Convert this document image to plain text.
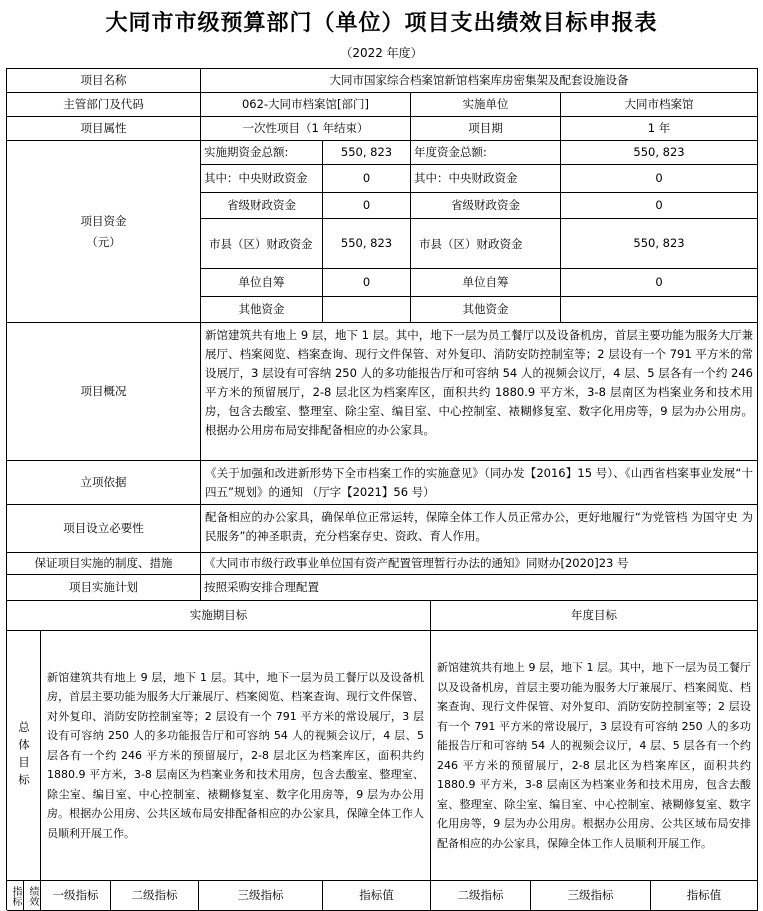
大同市市级预算部门（单位）项目支出绩效目标申报表
（2022 年度）
项目名称	大同市国家综合档案馆新馆档案库房密集架及配套设施设备
主管部门及代码	062-大同市档案馆[部门]	实施单位	大同市档案馆
项目属性	一次性项目（1 年结束）	项目期	1 年
项目资金
（元）
实施期资金总额:	550, 823	年度资金总额:	550, 823
其中：中央财政资金	0	其中：中央财政资金	0
省级财政资金	0	省级财政资金	0
市县（区）财政资金	550, 823	市县（区）财政资金	550, 823
单位自筹	0	单位自筹	0
其他资金	其他资金
项目概况
新馆建筑共有地上 9 层，地下 1 层。其中，地下一层为员工餐厅以及设备机房，首层主要功能为服务大厅兼展厅、档案阅览、档案查询、现行文件保管、对外复印、消防安防控制室等；2 层设有一个 791 平方米的常设展厅，3 层设有可容纳 250 人的多功能报告厅和可容纳 54 人的视频会议厅，4 层、5 层各有一个约 246 平方米的预留展厅，2-8 层北区为档案库区，面积共约 1880.9 平方米，3-8 层南区为档案业务和技术用房，包含去酸室、整理室、除尘室、编目室、中心控制室、裱糊修复室、数字化用房等，9 层为办公用房。根据办公用房布局安排配备相应的办公家具。
立项依据
《关于加强和改进新形势下全市档案工作的实施意见》（同办发【2016】15 号）、《山西省档案事业发展“十四五”规划》的通知 （厅字【2021】56 号）
项目设立必要性
配备相应的办公家具，确保单位正常运转，保障全体工作人员正常办公，更好地履行“为党管档 为国守史 为民服务”的神圣职责，充分档案存史、资政、育人作用。
保证项目实施的制度、措施	《大同市市级行政事业单位国有资产配置管理暂行办法的通知》同财办[2020]23 号
项目实施计划	按照采购安排合理配置
实施期目标	年度目标
总体目标
新馆建筑共有地上 9 层，地下 1 层。其中，地下一层为员工餐厅以及设备机房，首层主要功能为服务大厅兼展厅、档案阅览、档案查询、现行文件保管、对外复印、消防安防控制室等；2 层设有一个 791 平方米的常设展厅，3 层设有可容纳 250 人的多功能报告厅和可容纳 54 人的视频会议厅，4 层、5 层各有一个约 246 平方米的预留展厅，2-8 层北区为档案库区，面积共约 1880.9 平方米，3-8 层南区为档案业务和技术用房，包含去酸室、整理室、除尘室、编目室、中心控制室、裱糊修复室、数字化用房等，9 层为办公用房。根据办公用房、公共区域布局安排配备相应的办公家具，保障全体工作人员顺利开展工作。
新馆建筑共有地上 9 层，地下 1 层。其中，地下一层为员工餐厅以及设备机房，首层主要功能为服务大厅兼展厅、档案阅览、档案查询、现行文件保管、对外复印、消防安防控制室等；2 层设有一个 791 平方米的常设展厅，3 层设有可容纳 250 人的多功能报告厅和可容纳 54 人的视频会议厅，4 层、5 层各有一个约 246 平方米的预留展厅，2-8 层北区为档案库区，面积共约 1880.9 平方米，3-8 层南区为档案业务和技术用房，包含去酸室、整理室、除尘室、编目室、中心控制室、裱糊修复室、数字化用房等，9 层为办公用房。根据办公用房、公共区域布局安排配备相应的办公家具，保障全体工作人员顺利开展工作。
指标 绩效	一级指标	二级指标	三级指标	指标值	二级指标	三级指标	指标值
